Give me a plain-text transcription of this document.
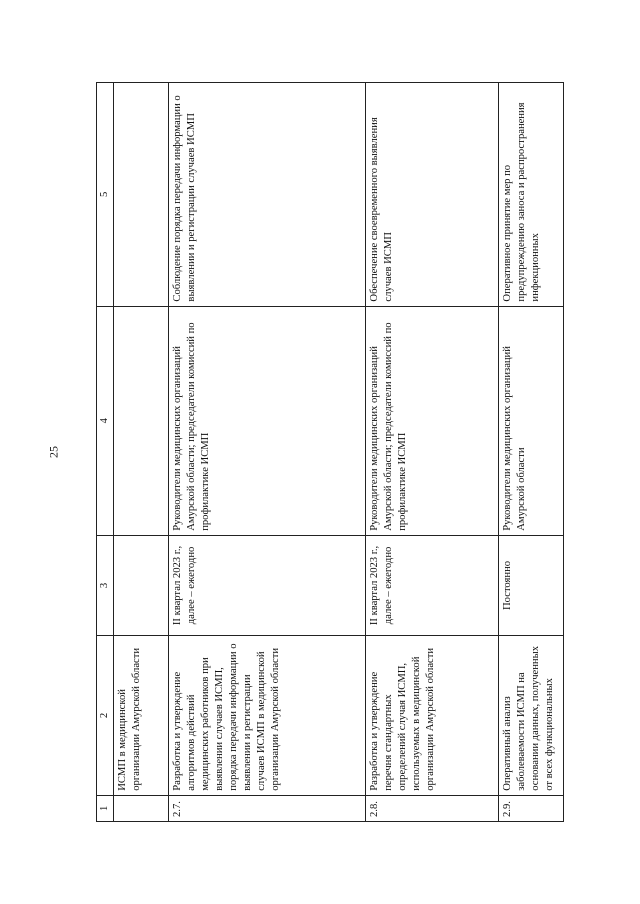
25
1	2	3	4	5
	ИСМП в медицинской организации Амурской области			
2.7.	Разработка и утверждение алгоритмов действий медицинских работников при выявлении случаев ИСМП, порядка передачи информации о выявлении и регистрации случаев ИСМП в медицинской организации Амурской области	II квартал 2023 г., далее – ежегодно	Руководители медицинских организаций Амурской области; председатели комиссий по профилактике ИСМП	Соблюдение порядка передачи информации о выявлении и регистрации случаев ИСМП
2.8.	Разработка и утверждение перечня стандартных определений случая ИСМП, используемых в медицинской организации Амурской области	II квартал 2023 г., далее – ежегодно	Руководители медицинских организаций Амурской области; председатели комиссий по профилактике ИСМП	Обеспечение своевременного выявления случаев ИСМП
2.9.	Оперативный анализ заболеваемости ИСМП на основании данных, полученных от всех функциональных	Постоянно	Руководители медицинских организаций Амурской области	Оперативное принятие мер по предупреждению заноса и распространения инфекционных
